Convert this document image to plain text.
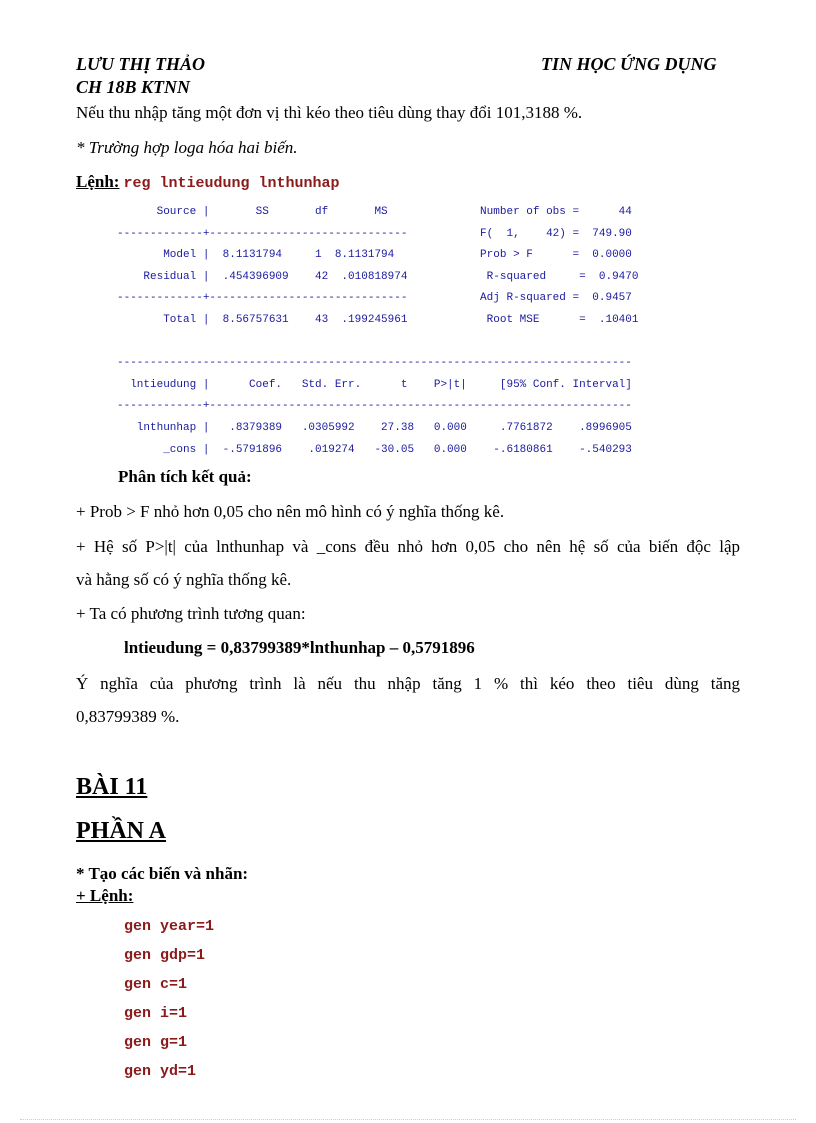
LƯU THỊ THẢO
CH 18B KTNN
TIN HỌC ỨNG DỤNG
Nếu thu nhập tăng một đơn vị thì kéo theo tiêu dùng thay đổi 101,3188 %.
* Trường hợp loga hóa hai biến.
Lệnh: reg lntieudung lnthunhap
Source |       SS       df       MS              Number of obs =      44
-------------+------------------------------           F(  1,    42) =  749.90
Model |  8.1131794     1  8.1131794             Prob > F      =  0.0000
Residual |  .454396909    42  .010818974            R-squared     =  0.9470
-------------+------------------------------           Adj R-squared =  0.9457
Total |  8.56757631    43  .199245961            Root MSE      =  .10401
------------------------------------------------------------------------------
lntieudung |      Coef.   Std. Err.      t    P>|t|     [95% Conf. Interval]
-------------+----------------------------------------------------------------
lnthunhap |   .8379389   .0305992    27.38   0.000     .7761872    .8996905
_cons |  -.5791896    .019274   -30.05   0.000    -.6180861    -.540293
Phân tích kết quả:
+ Prob > F nhỏ hơn 0,05 cho nên mô hình có ý nghĩa thống kê.
+ Hệ số P>|t| của lnthunhap và _cons đều nhỏ hơn 0,05 cho nên hệ số của biến độc lập
và hằng số có ý nghĩa thống kê.
+ Ta có phương trình tương quan:
lntieudung = 0,83799389*lnthunhap – 0,5791896
Ý nghĩa của phương trình là nếu thu nhập tăng 1 % thì kéo theo tiêu dùng tăng
0,83799389 %.
BÀI 11
PHẦN A
* Tạo các biến và nhãn:
+ Lệnh:
gen year=1
gen gdp=1
gen c=1
gen i=1
gen g=1
gen yd=1
